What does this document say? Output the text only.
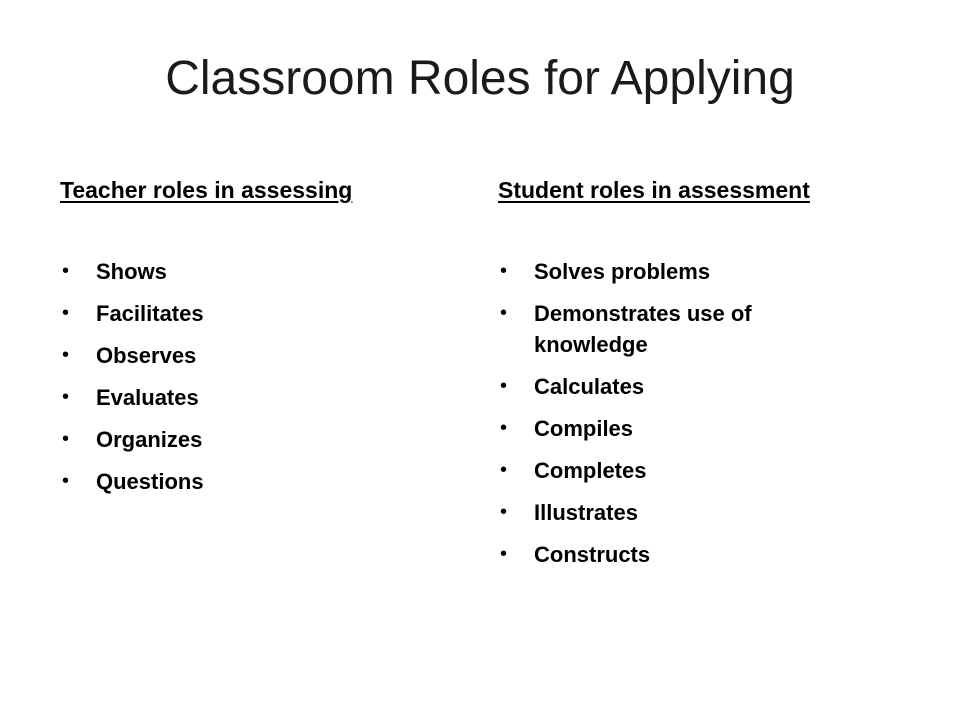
Classroom Roles for Applying

Teacher roles in assessing

• Shows
• Facilitates
• Observes
• Evaluates
• Organizes
• Questions

Student roles in assessment

• Solves problems
• Demonstrates use of knowledge
• Calculates
• Compiles
• Completes
• Illustrates
• Constructs
